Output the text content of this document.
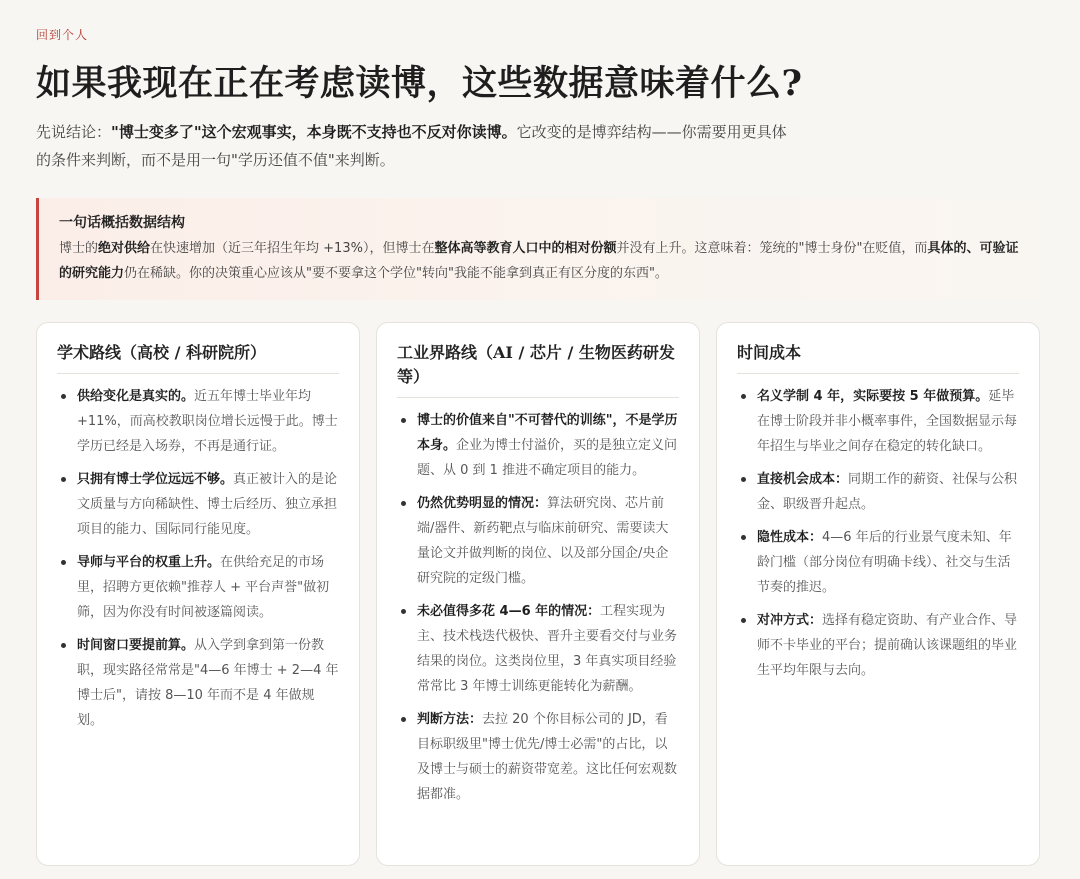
回到个人
如果我现在正在考虑读博，这些数据意味着什么?

先说结论："博士变多了"这个宏观事实，本身既不支持也不反对你读博。它改变的是博弈结构——你需要用更具体的条件来判断，而不是用一句"学历还值不值"来判断。

一句话概括数据结构

博士的绝对供给在快速增加（近三年招生年均 +13%），但博士在整体高等教育人口中的相对份额并没有上升。这意味着：笼统的"博士身份"在贬值，而具体的、可验证的研究能力仍在稀缺。你的决策重心应该从"要不要拿这个学位"转向"我能不能拿到真正有区分度的东西"。

学术路线（高校 / 科研院所）
供给变化是真实的。近五年博士毕业年均 +11%，而高校教职岗位增长远慢于此。博士学历已经是入场券，不再是通行证。
只拥有博士学位远远不够。真正被计入的是论文质量与方向稀缺性、博士后经历、独立承担项目的能力、国际同行能见度。
导师与平台的权重上升。在供给充足的市场里，招聘方更依赖"推荐人 + 平台声誉"做初筛，因为你没有时间被逐篇阅读。
时间窗口要提前算。从入学到拿到第一份教职，现实路径常常是"4—6 年博士 + 2—4 年博士后"，请按 8—10 年而不是 4 年做规划。
工业界路线（AI / 芯片 / 生物医药研发等）
博士的价值来自"不可替代的训练"，不是学历本身。企业为博士付溢价，买的是独立定义问题、从 0 到 1 推进不确定项目的能力。
仍然优势明显的情况：算法研究岗、芯片前端/器件、新药靶点与临床前研究、需要读大量论文并做判断的岗位、以及部分国企/央企研究院的定级门槛。
未必值得多花 4—6 年的情况：工程实现为主、技术栈迭代极快、晋升主要看交付与业务结果的岗位。这类岗位里，3 年真实项目经验常常比 3 年博士训练更能转化为薪酬。
判断方法：去拉 20 个你目标公司的 JD，看目标职级里"博士优先/博士必需"的占比，以及博士与硕士的薪资带宽差。这比任何宏观数据都准。
时间成本
名义学制 4 年，实际要按 5 年做预算。延毕在博士阶段并非小概率事件，全国数据显示每年招生与毕业之间存在稳定的转化缺口。
直接机会成本：同期工作的薪资、社保与公积金、职级晋升起点。
隐性成本：4—6 年后的行业景气度未知、年龄门槛（部分岗位有明确卡线）、社交与生活节奏的推迟。
对冲方式：选择有稳定资助、有产业合作、导师不卡毕业的平台；提前确认该课题组的毕业生平均年限与去向。
